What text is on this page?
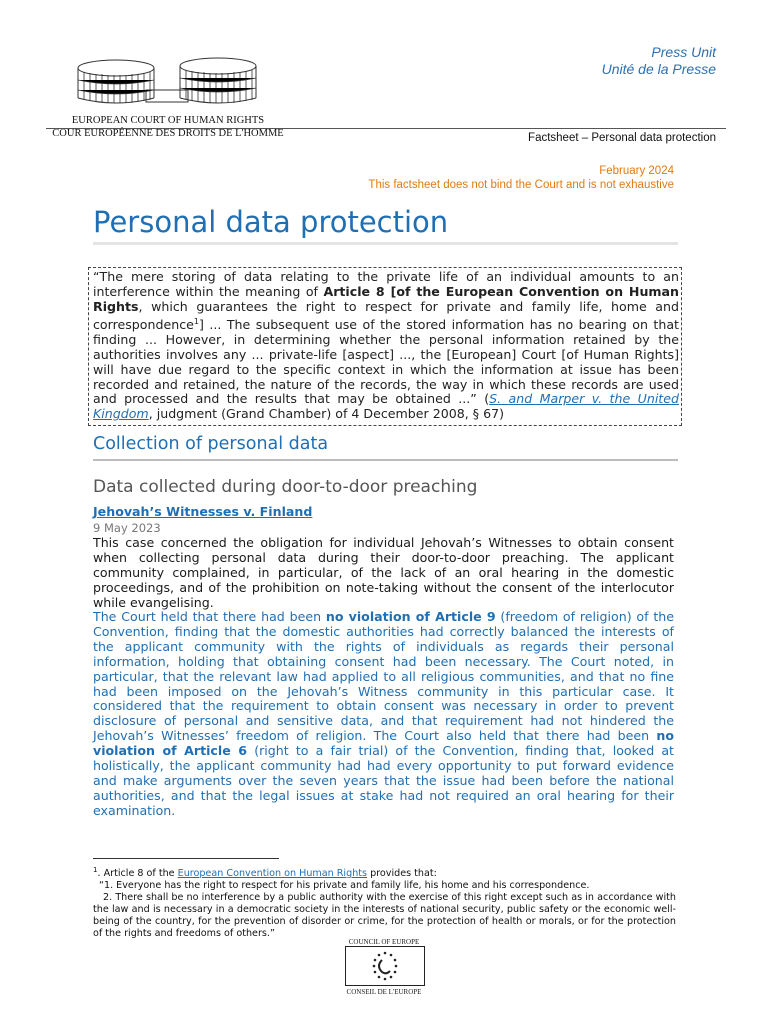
Press Unit
Unité de la Presse
EUROPEAN COURT OF HUMAN RIGHTS
COUR EUROPÉENNE DES DROITS DE L'HOMME	Factsheet – Personal data protection
February 2024
This factsheet does not bind the Court and is not exhaustive
Personal data protection
“The mere storing of data relating to the private life of an individual amounts to an interference within the meaning of Article 8 [of the European Convention on Human Rights, which guarantees the right to respect for private and family life, home and correspondence$^1$] ... The subsequent use of the stored information has no bearing on that finding ... However, in determining whether the personal information retained by the authorities involves any ... private-life [aspect] ..., the [European] Court [of Human Rights] will have due regard to the specific context in which the information at issue has been recorded and retained, the nature of the records, the way in which these records are used and processed and the results that may be obtained ...” (S. and Marper v. the United Kingdom, judgment (Grand Chamber) of 4 December 2008, § 67)
Collection of personal data
Data collected during door-to-door preaching
Jehovah’s Witnesses v. Finland
9 May 2023
This case concerned the obligation for individual Jehovah’s Witnesses to obtain consent when collecting personal data during their door-to-door preaching. The applicant community complained, in particular, of the lack of an oral hearing in the domestic proceedings, and of the prohibition on note-taking without the consent of the interlocutor while evangelising.
The Court held that there had been no violation of Article 9 (freedom of religion) of the Convention, finding that the domestic authorities had correctly balanced the interests of the applicant community with the rights of individuals as regards their personal information, holding that obtaining consent had been necessary. The Court noted, in particular, that the relevant law had applied to all religious communities, and that no fine had been imposed on the Jehovah’s Witness community in this particular case. It considered that the requirement to obtain consent was necessary in order to prevent disclosure of personal and sensitive data, and that requirement had not hindered the Jehovah’s Witnesses’ freedom of religion. The Court also held that there had been no violation of Article 6 (right to a fair trial) of the Convention, finding that, looked at holistically, the applicant community had had every opportunity to put forward evidence and make arguments over the seven years that the issue had been before the national authorities, and that the legal issues at stake had not required an oral hearing for their examination.
$^1$. Article 8 of the European Convention on Human Rights provides that:
“1. Everyone has the right to respect for his private and family life, his home and his correspondence.
2. There shall be no interference by a public authority with the exercise of this right except such as in accordance with the law and is necessary in a democratic society in the interests of national security, public safety or the economic well-being of the country, for the prevention of disorder or crime, for the protection of health or morals, or for the protection of the rights and freedoms of others.”
COUNCIL OF EUROPE
CONSEIL DE L'EUROPE
